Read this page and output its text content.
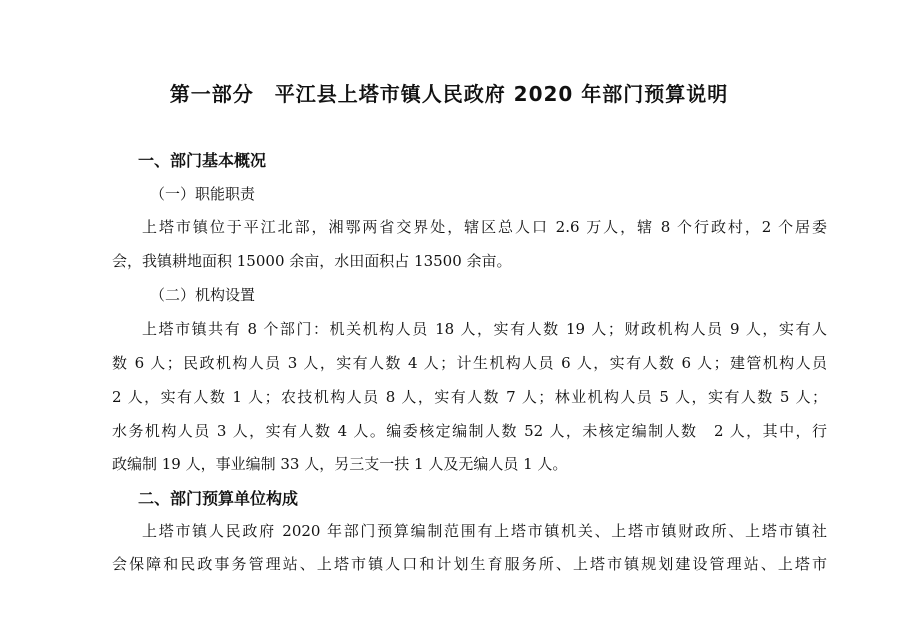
第一部分　平江县上塔市镇人民政府 2020 年部门预算说明
一、部门基本概况
（一）职能职责
上塔市镇位于平江北部，湘鄂两省交界处，辖区总人口 2.6 万人，辖 8 个行政村，2 个居委
会，我镇耕地面积 15000 余亩，水田面积占 13500 余亩。
（二）机构设置
上塔市镇共有 8 个部门：机关机构人员 18 人，实有人数 19 人；财政机构人员 9 人，实有人
数 6 人；民政机构人员 3 人，实有人数 4 人；计生机构人员 6 人，实有人数 6 人；建管机构人员
2 人，实有人数 1 人；农技机构人员 8 人，实有人数 7 人；林业机构人员 5 人，实有人数 5 人；
水务机构人员 3 人，实有人数 4 人。编委核定编制人数 52 人，未核定编制人数　2 人，其中，行
政编制 19 人，事业编制 33 人，另三支一扶 1 人及无编人员 1 人。
二、部门预算单位构成
上塔市镇人民政府 2020 年部门预算编制范围有上塔市镇机关、上塔市镇财政所、上塔市镇社
会保障和民政事务管理站、上塔市镇人口和计划生育服务所、上塔市镇规划建设管理站、上塔市
